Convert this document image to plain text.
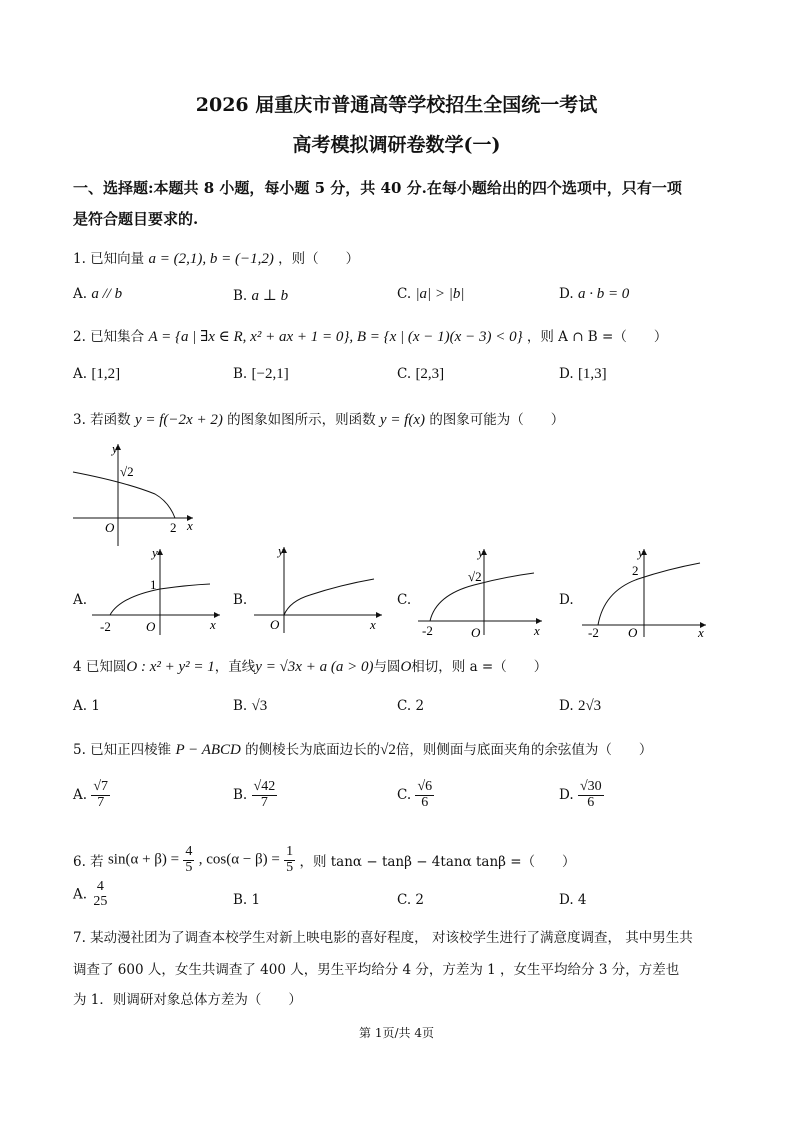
2026 届重庆市普通高等学校招生全国统一考试
高考模拟调研卷数学(一)
一、选择题:本题共 8 小题，每小题 5 分，共 40 分.在每小题给出的四个选项中，只有一项
是符合题目要求的.
1. 已知向量 a = (2,1), b = (−1,2) ，则（　　）
A. a // b	B. a ⊥ b	C. |a| > |b|	D. a · b = 0
2. 已知集合 A = {a | ∃x ∈ R, x² + ax + 1 = 0}, B = {x | (x − 1)(x − 3) < 0} ，则 A ∩ B =（　　）
A. [1,2]	B. [−2,1]	C. [2,3]	D. [1,3]
3. 若函数 y = f(−2x + 2) 的图象如图所示，则函数 y = f(x) 的图象可能为（　　）
y
x
O
√2
2
A.
y
x
O
1
-2
B.
y
x
O
C.
y
x
O
√2
-2
D.
y
x
O
2
-2
4 已知圆O : x² + y² = 1，直线y = √3x + a (a > 0)与圆O相切，则 a =（　　）
A. 1	B. √3	C. 2	D. 2√3
5. 已知正四棱锥 P − ABCD 的侧棱长为底面边长的√2倍，则侧面与底面夹角的余弦值为（　　）
A. $\frac{√7}{7}$	B. $\frac{√42}{7}$	C. $\frac{√6}{6}$	D. $\frac{√30}{6}$
6. 若 $\sin(\alpha + \beta) = \frac{4}{5}$ , $\cos(\alpha - \beta) = \frac{1}{5}$ ，则 tanα − tanβ − 4tanα tanβ =（　　）
A.
4
25	B. 1	C. 2	D. 4
7. 某动漫社团为了调查本校学生对新上映电影的喜好程度， 对该校学生进行了满意度调查， 其中男生共
调查了 600 人，女生共调查了 400 人，男生平均给分 4 分，方差为 1 ，女生平均给分 3 分，方差也
为 1．则调研对象总体方差为（　　）
第 1页/共 4页
